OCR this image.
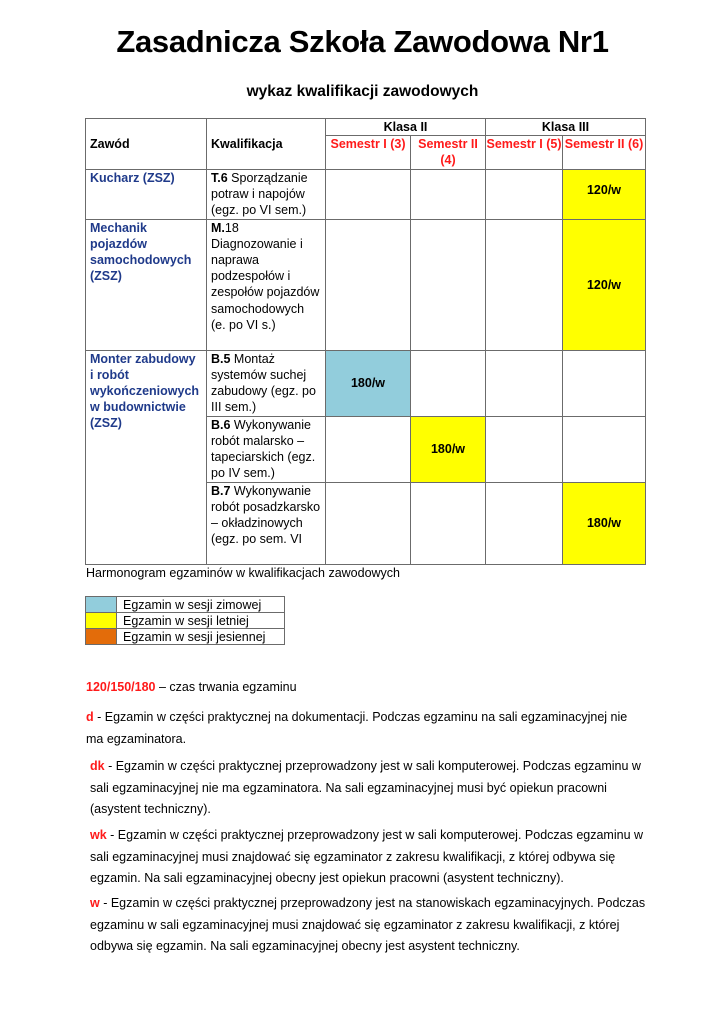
Zasadnicza Szkoła Zawodowa Nr1
wykaz kwalifikacji zawodowych
Zawód	Kwalifikacja	Klasa II		Klasa III	
		Semestr I (3)	Semestr II (4)	Semestr I (5)	Semestr II (6)
Kucharz (ZSZ)	T.6 Sporządzanie potraw i napojów (egz. po VI sem.)				120/w
Mechanik pojazdów samochodowych (ZSZ)	M.18 Diagnozowanie i naprawa podzespołów i zespołów pojazdów samochodowych (e. po VI s.)				120/w
Monter zabudowy i robót wykończeniowych w budownictwie (ZSZ)	B.5 Montaż systemów suchej zabudowy (egz. po III sem.)	180/w			
	B.6 Wykonywanie robót malarsko – tapeciarskich (egz. po IV sem.)		180/w		
	B.7 Wykonywanie robót posadzkarsko – okładzinowych (egz. po sem. VI				180/w
Harmonogram egzaminów w kwalifikacjach zawodowych
	Egzamin w sesji zimowej
	Egzamin w sesji letniej
	Egzamin w sesji jesiennej
120/150/180 – czas trwania egzaminu
d - Egzamin w części praktycznej na dokumentacji. Podczas egzaminu na sali egzaminacyjnej nie ma egzaminatora.
dk - Egzamin w części praktycznej przeprowadzony jest w sali komputerowej. Podczas egzaminu w sali egzaminacyjnej nie ma egzaminatora. Na sali egzaminacyjnej musi być opiekun pracowni (asystent techniczny).
wk - Egzamin w części praktycznej przeprowadzony jest w sali komputerowej. Podczas egzaminu w sali egzaminacyjnej musi znajdować się egzaminator z zakresu kwalifikacji, z której odbywa się egzamin. Na sali egzaminacyjnej obecny jest opiekun pracowni (asystent techniczny).
w - Egzamin w części praktycznej przeprowadzony jest na stanowiskach egzaminacyjnych. Podczas egzaminu w sali egzaminacyjnej musi znajdować się egzaminator z zakresu kwalifikacji, z której odbywa się egzamin. Na sali egzaminacyjnej obecny jest asystent techniczny.
